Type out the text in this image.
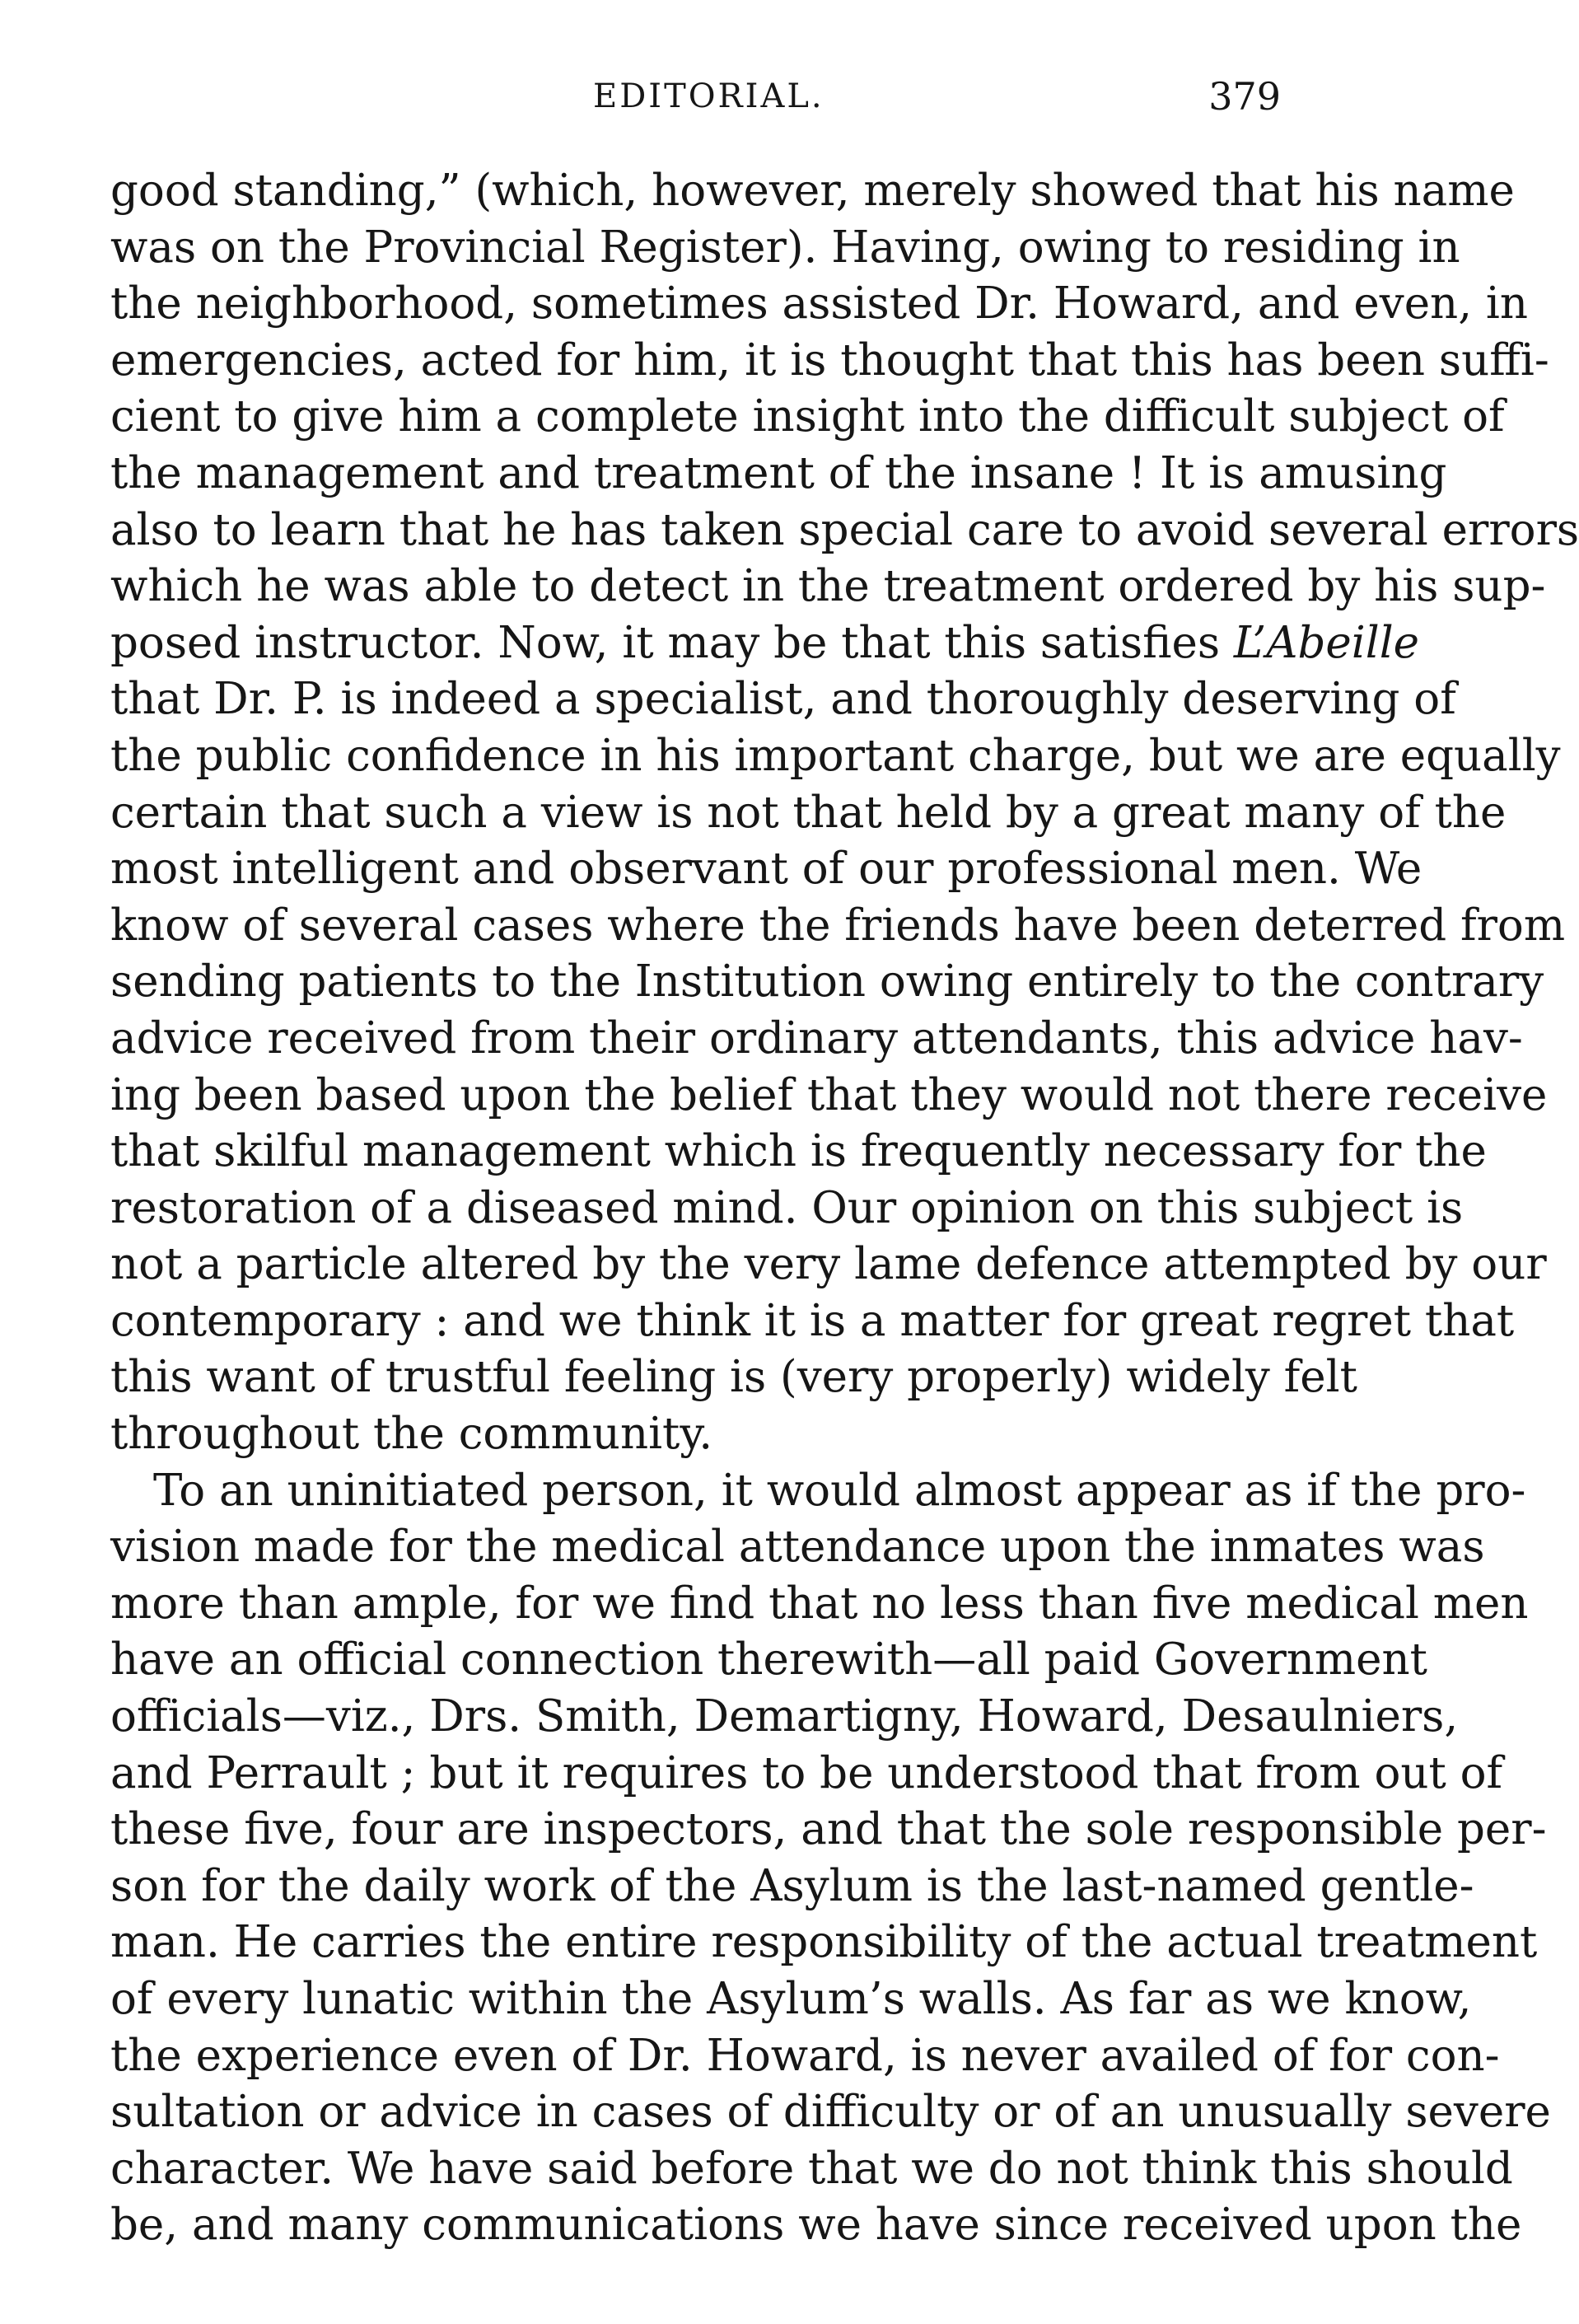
EDITORIAL.	379
good standing,” (which, however, merely showed that his name
was on the Provincial Register). Having, owing to residing in
the neighborhood, sometimes assisted Dr. Howard, and even, in
emergencies, acted for him, it is thought that this has been suffi-
cient to give him a complete insight into the difficult subject of
the management and treatment of the insane ! It is amusing
also to learn that he has taken special care to avoid several errors
which he was able to detect in the treatment ordered by his sup-
posed instructor. Now, it may be that this satisfies L’Abeille
that Dr. P. is indeed a specialist, and thoroughly deserving of
the public confidence in his important charge, but we are equally
certain that such a view is not that held by a great many of the
most intelligent and observant of our professional men. We
know of several cases where the friends have been deterred from
sending patients to the Institution owing entirely to the contrary
advice received from their ordinary attendants, this advice hav-
ing been based upon the belief that they would not there receive
that skilful management which is frequently necessary for the
restoration of a diseased mind. Our opinion on this subject is
not a particle altered by the very lame defence attempted by our
contemporary : and we think it is a matter for great regret that
this want of trustful feeling is (very properly) widely felt
throughout the community.
To an uninitiated person, it would almost appear as if the pro-
vision made for the medical attendance upon the inmates was
more than ample, for we find that no less than five medical men
have an official connection therewith—all paid Government
officials—viz., Drs. Smith, Demartigny, Howard, Desaulniers,
and Perrault ; but it requires to be understood that from out of
these five, four are inspectors, and that the sole responsible per-
son for the daily work of the Asylum is the last-named gentle-
man. He carries the entire responsibility of the actual treatment
of every lunatic within the Asylum’s walls. As far as we know,
the experience even of Dr. Howard, is never availed of for con-
sultation or advice in cases of difficulty or of an unusually severe
character. We have said before that we do not think this should
be, and many communications we have since received upon the
